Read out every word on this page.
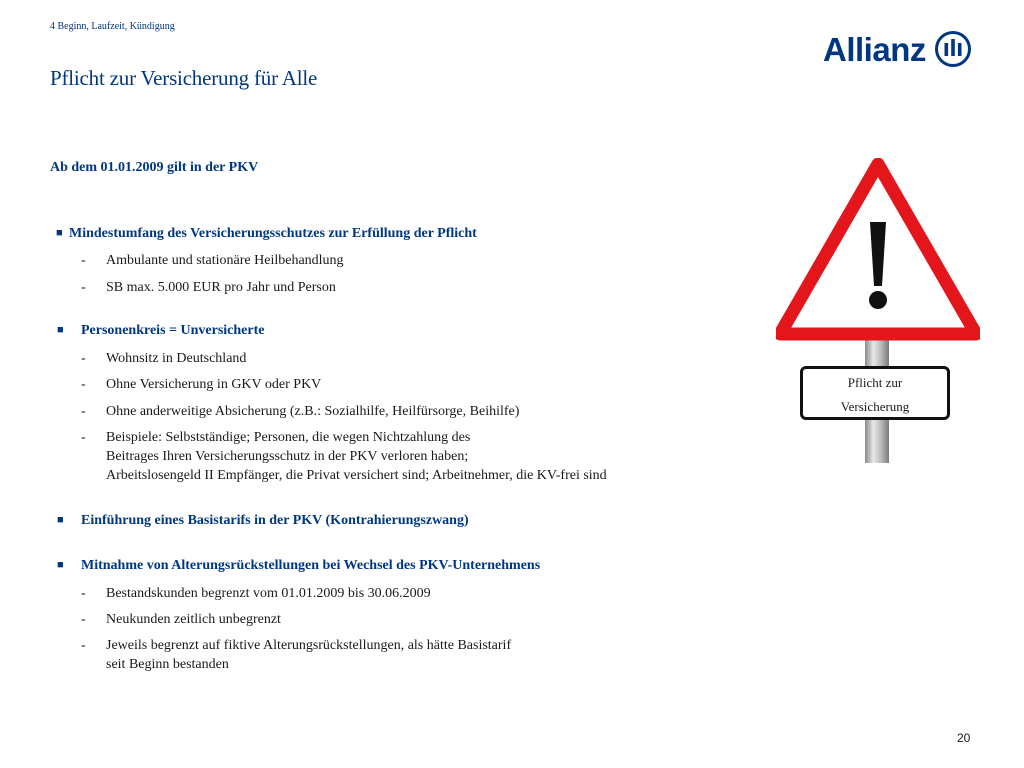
4 Beginn, Laufzeit, Kündigung
Pflicht zur Versicherung für Alle
Allianz
Ab dem 01.01.2009 gilt in der PKV
■ Mindestumfang des Versicherungsschutzes zur Erfüllung der Pflicht
- Ambulante und stationäre Heilbehandlung
- SB max. 5.000 EUR pro Jahr und Person
■ Personenkreis = Unversicherte
- Wohnsitz in Deutschland
- Ohne Versicherung in GKV oder PKV
- Ohne anderweitige Absicherung (z.B.: Sozialhilfe, Heilfürsorge, Beihilfe)
- Beispiele: Selbstständige; Personen, die wegen Nichtzahlung des
Beitrages Ihren Versicherungsschutz in der PKV verloren haben;
Arbeitslosengeld II Empfänger, die Privat versichert sind; Arbeitnehmer, die KV-frei sind
■ Einführung eines Basistarifs in der PKV (Kontrahierungszwang)
■ Mitnahme von Alterungsrückstellungen bei Wechsel des PKV-Unternehmens
- Bestandskunden begrenzt vom 01.01.2009 bis 30.06.2009
- Neukunden zeitlich unbegrenzt
- Jeweils begrenzt auf fiktive Alterungsrückstellungen, als hätte Basistarif
seit Beginn bestanden
Pflicht zur
Versicherung
20
